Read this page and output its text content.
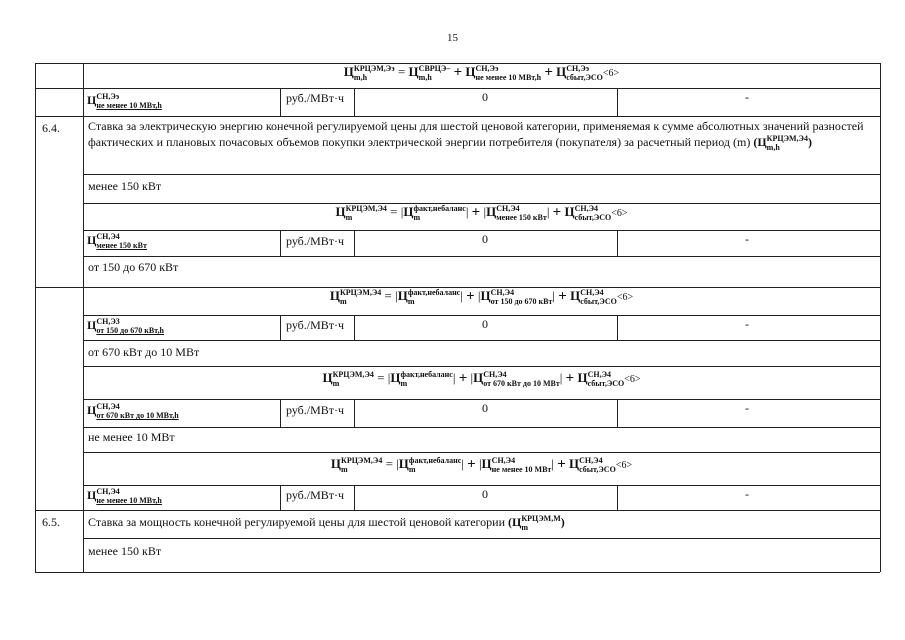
15
Ц КРЦЭМ,Ээ
m,h	= Ц СВРЦЭ–
m,h	+ Ц СН,Ээ
не менее 10 МВт,h + Ц СН,Ээ
сбыт,ЭСО <6>
Ц СН,Ээ
не менее 10 МВт,h
руб./МВт·ч	0	-
6.4. Ставка за электрическую энергию конечной регулируемой цены для шестой ценовой категории, применяемая к сумме абсолютных значений разностей фактических и плановых почасовых объемов покупки электрической энергии потребителя (покупателя) за расчетный период (m) (Ц КРЦЭМ,Э4
m,h	)
менее 150 кВт
Ц КРЦЭМ,Э4
m	= |Ц факт,небаланс
m	| + |Ц СН,Э4
менее 150 кВт | + Ц СН,Э4
сбыт,ЭСО <6>
Ц СН,Э4
менее 150 кВт	руб./МВт·ч	0	-
от 150 до 670 кВт
Ц КРЦЭМ,Э4
m	= |Ц факт,небаланс
m	| + |Ц СН,Э4
от 150 до 670 кВт | + Ц СН,Э4
сбыт,ЭСО <6>
Ц СН,Э3
от 150 до 670 кВт,h	руб./МВт·ч	0	-
от 670 кВт до 10 МВт
Ц КРЦЭМ,Э4
m	= |Ц факт,небаланс
m	| + |Ц СН,Э4
от 670 кВт до 10 МВт | + Ц СН,Э4
сбыт,ЭСО <6>
Ц СН,Э4
от 670 кВт до 10 МВт,h	руб./МВт·ч	0	-
не менее 10 МВт
Ц КРЦЭМ,Э4
m	= |Ц факт,небаланс
m	| + |Ц СН,Э4
не менее 10 МВт | + Ц СН,Э4
сбыт,ЭСО <6>
Ц СН,Э4
не менее 10 МВт,h	руб./МВт·ч	0	-
6.5. Ставка за мощность конечной регулируемой цены для шестой ценовой категории (Ц КРЦЭМ,М
m	)
менее 150 кВт
